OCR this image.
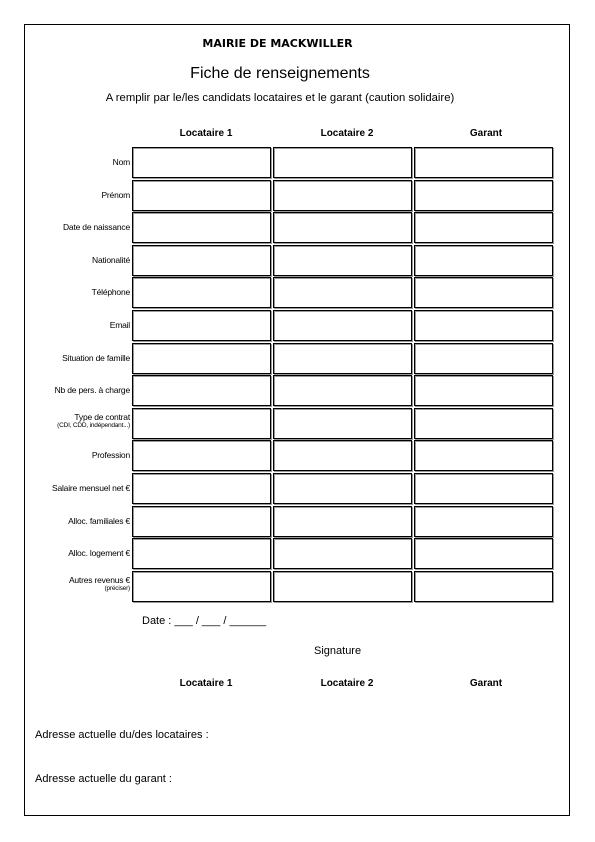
MAIRIE DE MACKWILLER
Fiche de renseignements
A remplir par le/les candidats locataires et le garant (caution solidaire)
Locataire 1	Locataire 2	Garant
Nom
Prénom
Date de naissance
Nationalité
Téléphone
Email
Situation de famille
Nb de pers. à charge
Type de contrat
(CDI, CDD, indépendant...)
Profession
Salaire mensuel net €
Alloc. familiales €
Alloc. logement €
Autres revenus €
(préciser)
Date : ___ / ___ / ______
Signature
Locataire 1	Locataire 2	Garant
Adresse actuelle du/des locataires :
Adresse actuelle du garant :
